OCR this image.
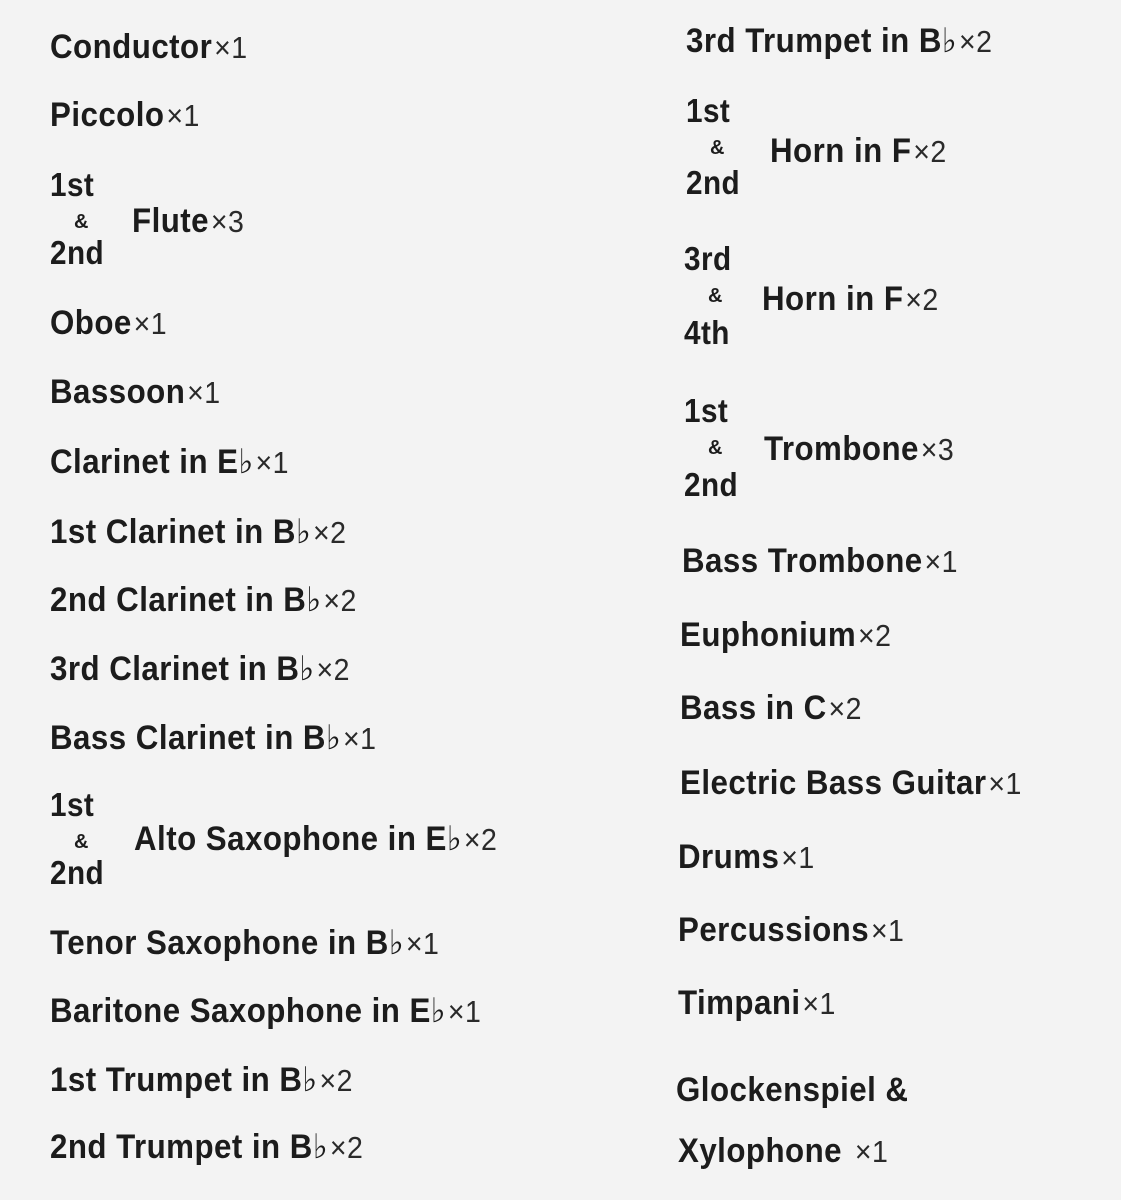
Conductor×1
Piccolo×1
1st
&
2nd
Flute×3
Oboe×1
Bassoon×1
Clarinet in E♭×1
1st Clarinet in B♭×2
2nd Clarinet in B♭×2
3rd Clarinet in B♭×2
Bass Clarinet in B♭×1
1st
&
2nd
Alto Saxophone in E♭×2
Tenor Saxophone in B♭×1
Baritone Saxophone in E♭×1
1st Trumpet in B♭×2
2nd Trumpet in B♭×2
3rd Trumpet in B♭×2
1st
&
2nd
Horn in F×2
3rd
&
4th
Horn in F×2
1st
&
2nd
Trombone×3
Bass Trombone×1
Euphonium×2
Bass in C×2
Electric Bass Guitar×1
Drums×1
Percussions×1
Timpani×1
Glockenspiel &
Xylophone ×1
